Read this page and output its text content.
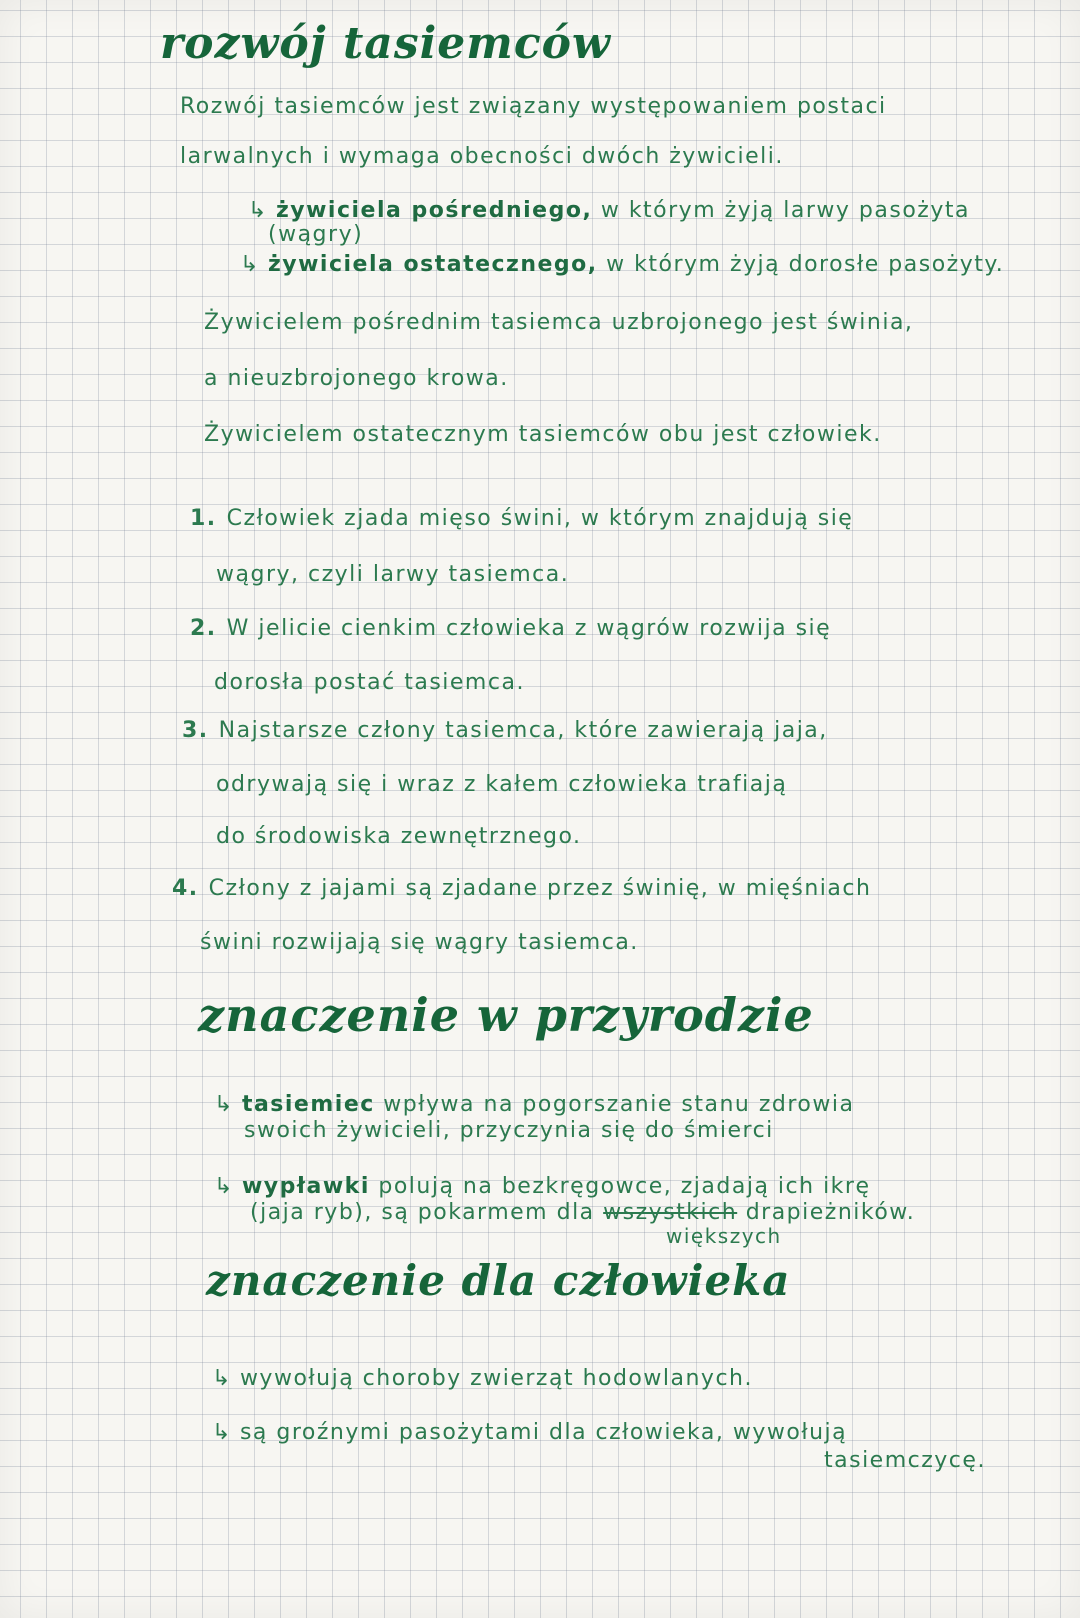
rozwój tasiemców
Rozwój tasiemców jest związany występowaniem postaci
larwalnych i wymaga obecności dwóch żywicieli.
↳ żywiciela pośredniego, w którym żyją larwy pasożyta
(wągry)
↳ żywiciela ostatecznego, w którym żyją dorosłe pasożyty.
Żywicielem pośrednim tasiemca uzbrojonego jest świnia,
a nieuzbrojonego krowa.
Żywicielem ostatecznym tasiemców obu jest człowiek.
1. Człowiek zjada mięso świni, w którym znajdują się
wągry, czyli larwy tasiemca.
2. W jelicie cienkim człowieka z wągrów rozwija się
dorosła postać tasiemca.
3. Najstarsze człony tasiemca, które zawierają jaja,
odrywają się i wraz z kałem człowieka trafiają
do środowiska zewnętrznego.
4. Człony z jajami są zjadane przez świnię, w mięśniach
świni rozwijają się wągry tasiemca.
znaczenie w przyrodzie
↳ tasiemiec wpływa na pogorszanie stanu zdrowia
swoich żywicieli, przyczynia się do śmierci
↳ wypławki polują na bezkręgowce, zjadają ich ikrę
(jaja ryb), są pokarmem dla wszystkich drapieżników.
większych
znaczenie dla człowieka
↳ wywołują choroby zwierząt hodowlanych.
↳ są groźnymi pasożytami dla człowieka, wywołują
tasiemczycę.
